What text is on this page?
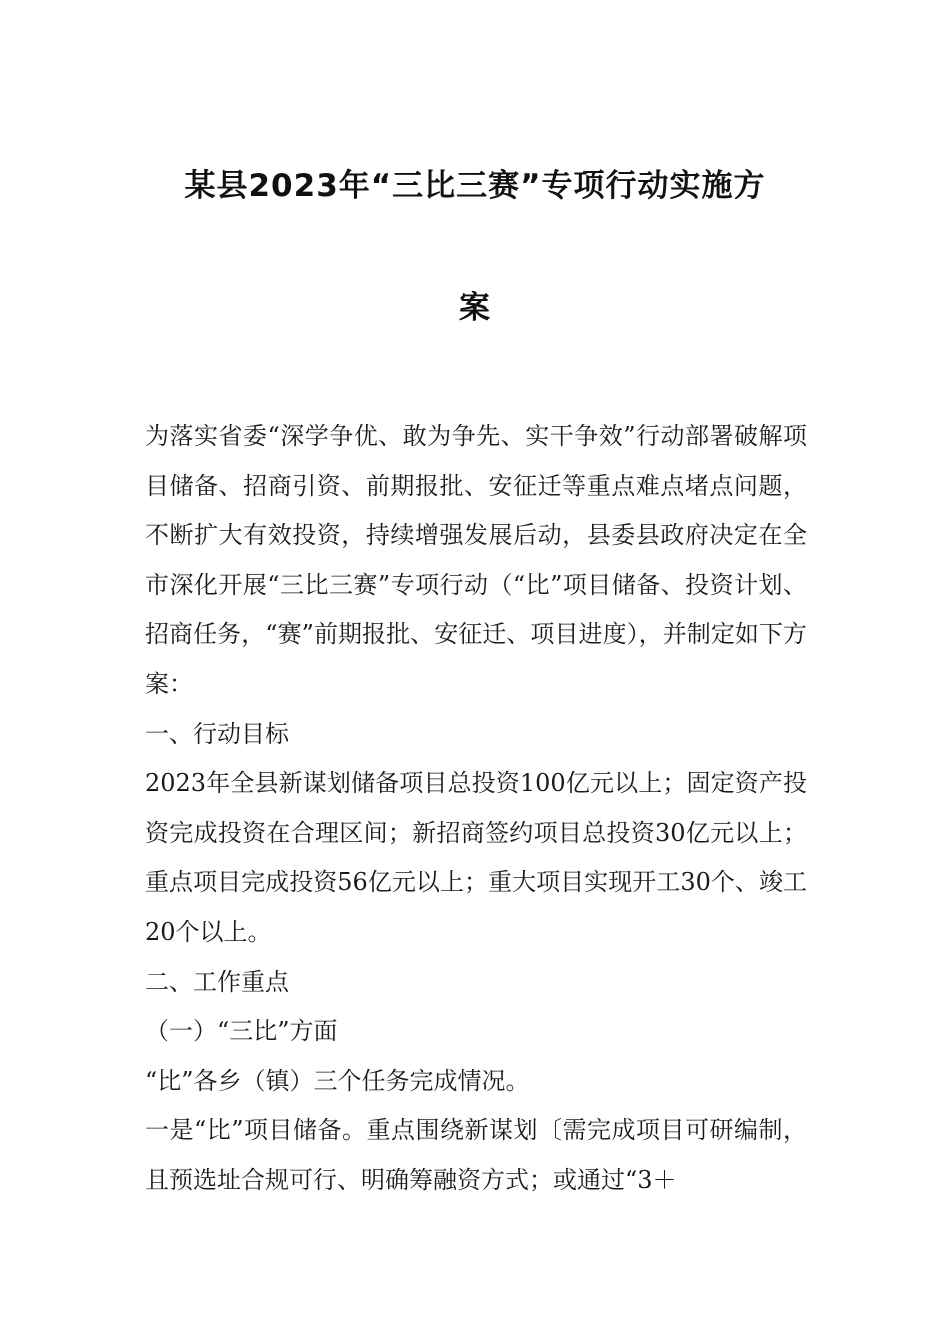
某县2023年“三比三赛”专项行动实施方
案

为落实省委“深学争优、敢为争先、实干争效”行动部署破解项目储备、招商引资、前期报批、安征迁等重点难点堵点问题，不断扩大有效投资，持续增强发展后动，县委县政府决定在全市深化开展“三比三赛”专项行动（“比”项目储备、投资计划、招商任务，“赛”前期报批、安征迁、项目进度），并制定如下方案：

一、行动目标

2023年全县新谋划储备项目总投资100亿元以上；固定资产投资完成投资在合理区间；新招商签约项目总投资30亿元以上；重点项目完成投资56亿元以上；重大项目实现开工30个、竣工20个以上。

二、工作重点

（一）“三比”方面

“比”各乡（镇）三个任务完成情况。

一是“比”项目储备。重点围绕新谋划〔需完成项目可研编制，且预选址合规可行、明确筹融资方式；或通过“3＋
